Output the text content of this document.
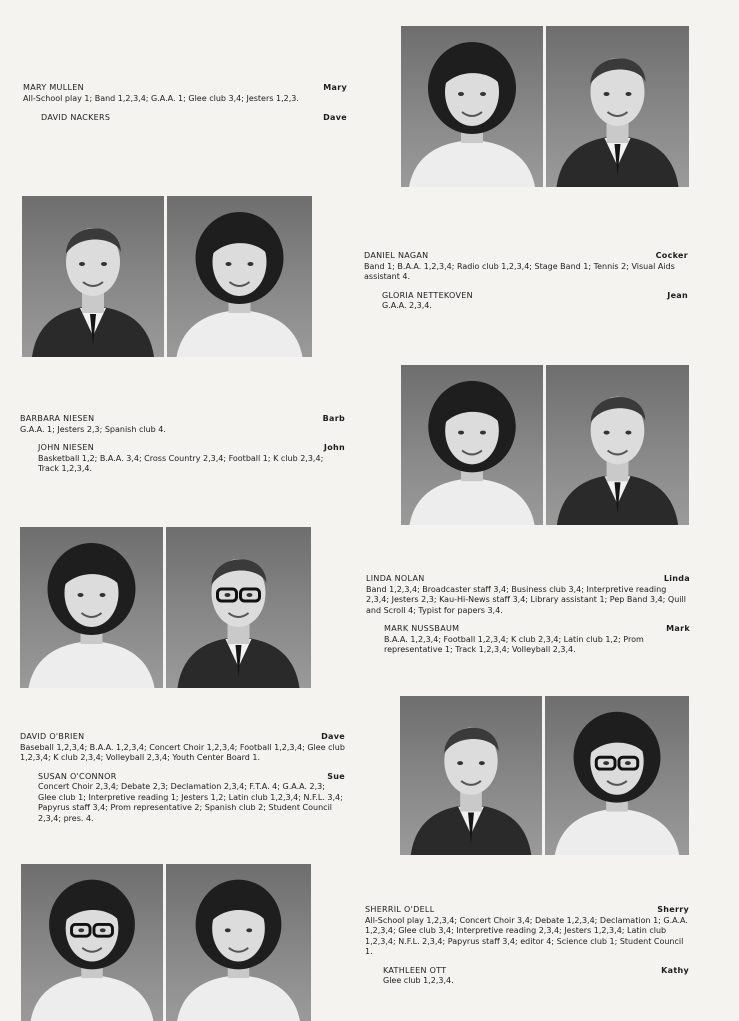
MARY MULLEN	Mary

All-School play 1; Band 1,2,3,4; G.A.A. 1; Glee club 3,4; Jesters 1,2,3.

DAVID NACKERS	Dave
DANIEL NAGAN	Cocker

Band 1; B.A.A. 1,2,3,4; Radio club 1,2,3,4; Stage Band 1; Tennis 2; Visual Aids assistant 4.

GLORIA NETTEKOVEN	Jean

G.A.A. 2,3,4.

BARBARA NIESEN	Barb

G.A.A. 1; Jesters 2,3; Spanish club 4.

JOHN NIESEN	John

Basketball 1,2; B.A.A. 3,4; Cross Country 2,3,4; Football 1; K club 2,3,4; Track 1,2,3,4.

LINDA NOLAN	Linda

Band 1,2,3,4; Broadcaster staff 3,4; Business club 3,4; Interpretive reading 2,3,4; Jesters 2,3; Kau-Hi-News staff 3,4; Library assistant 1; Pep Band 3,4; Quill and Scroll 4; Typist for papers 3,4.

MARK NUSSBAUM	Mark

B.A.A. 1,2,3,4; Football 1,2,3,4; K club 2,3,4; Latin club 1,2; Prom representative 1; Track 1,2,3,4; Volleyball 2,3,4.

DAVID O'BRIEN	Dave

Baseball 1,2,3,4; B.A.A. 1,2,3,4; Concert Choir 1,2,3,4; Football 1,2,3,4; Glee club 1,2,3,4; K club 2,3,4; Volleyball 2,3,4; Youth Center Board 1.

SUSAN O'CONNOR	Sue

Concert Choir 2,3,4; Debate 2,3; Declamation 2,3,4; F.T.A. 4; G.A.A. 2,3; Glee club 1; Interpretive reading 1; Jesters 1,2; Latin club 1,2,3,4; N.F.L. 3,4; Papyrus staff 3,4; Prom representative 2; Spanish club 2; Student Council 2,3,4; pres. 4.

SHERRIL O'DELL	Sherry

All-School play 1,2,3,4; Concert Choir 3,4; Debate 1,2,3,4; Declamation 1; G.A.A. 1,2,3,4; Glee club 3,4; Interpretive reading 2,3,4; Jesters 1,2,3,4; Latin club 1,2,3,4; N.F.L. 2,3,4; Papyrus staff 3,4; editor 4; Science club 1; Student Council 1.

KATHLEEN OTT	Kathy

Glee club 1,2,3,4.
